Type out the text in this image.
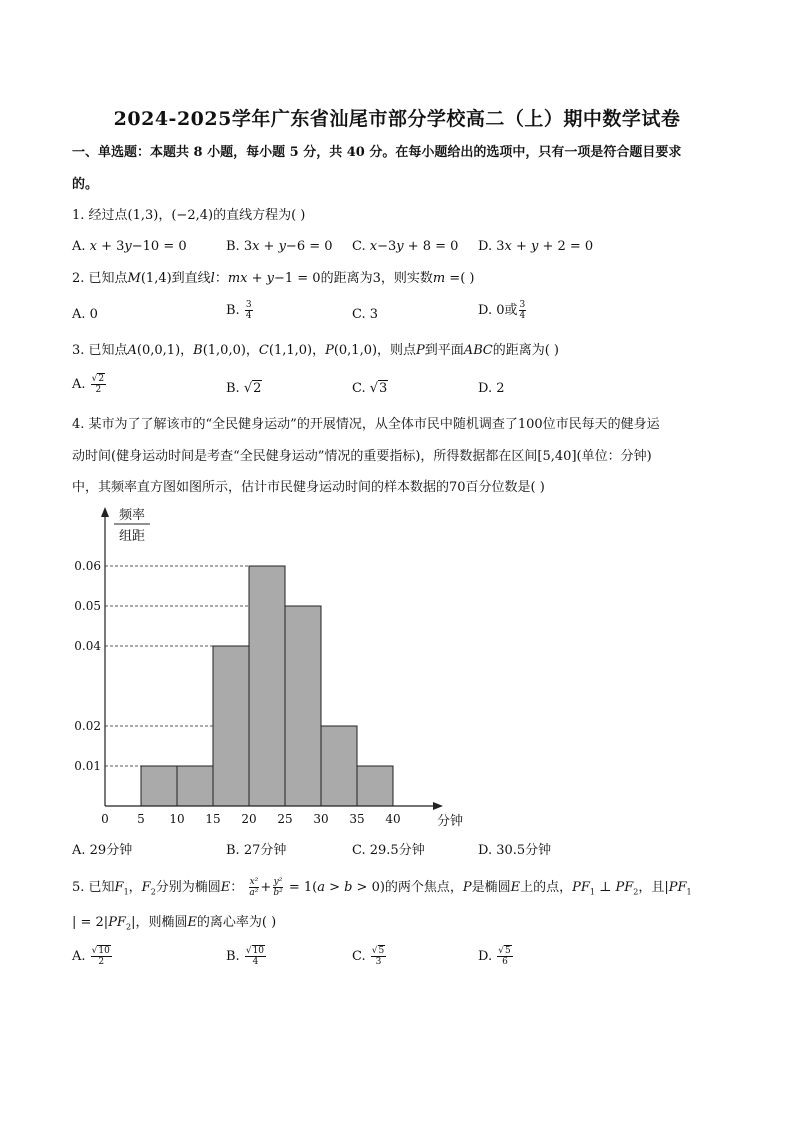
2024-2025学年广东省汕尾市部分学校高二（上）期中数学试卷
一、单选题：本题共 8 小题，每小题 5 分，共 40 分。在每小题给出的选项中，只有一项是符合题目要求
的。
1. 经过点(1,3)，(−2,4)的直线方程为( )
A. 𝑥 + 3𝑦−10 = 0	B. 3𝑥 + 𝑦−6 = 0 C. 𝑥−3𝑦 + 8 = 0 D. 3𝑥 + 𝑦 + 2 = 0
2. 已知点𝑀(1,4)到直线𝑙：𝑚𝑥 + 𝑦−1 = 0的距离为3，则实数𝑚 =( )
A. 0	B. $\frac{3}{4}$	C. 3	D. 0或 $\frac{3}{4}$
3. 已知点𝐴(0,0,1)，𝐵(1,0,0)，𝐶(1,1,0)，𝑃(0,1,0)，则点𝑃到平面𝐴𝐵𝐶的距离为( )
A. $\frac{√2}{2}$	B. √2	C. √3	D. 2
4. 某市为了了解该市的“全民健身运动”的开展情况，从全体市民中随机调查了100位市民每天的健身运
动时间(健身运动时间是考查“全民健身运动”情况的重要指标)，所得数据都在区间[5,40](单位：分钟)
中，其频率直方图如图所示，估计市民健身运动时间的样本数据的70百分位数是( )
5 10 15 20 25 30 35 40
0
0.01
0.02
0.04
0.05
0.06
分钟
频率
组距
A. 29分钟	B. 27分钟	C. 29.5分钟	D. 30.5分钟
5. 已知𝐹$_1$，𝐹$_2$分别为椭圆𝐸： $\frac{\text{x²}}{\text{a²}} + \frac{\text{y²}}{\text{b²}}$ = 1(𝑎 > 𝑏 > 0)的两个焦点，𝑃是椭圆𝐸上的点，𝑃𝐹$_1$ ⊥ 𝑃𝐹$_2$，且|𝑃𝐹$_1$
| = 2|𝑃𝐹$_2$|，则椭圆𝐸的离心率为( )
A. $\frac{√10}{2}$	B. $\frac{√10}{4}$	C. $\frac{√5}{3}$	D. $\frac{√5}{6}$
